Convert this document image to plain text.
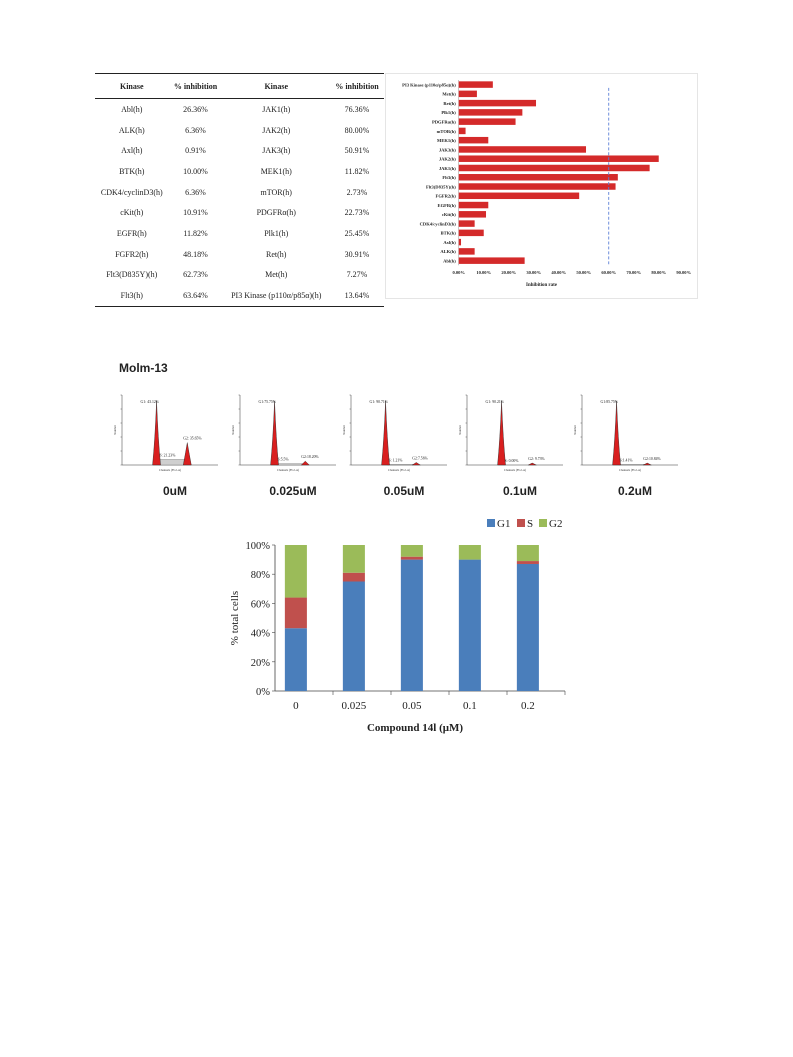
Kinase	% inhibition	Kinase	% inhibition
Abl(h)	26.36%	JAK1(h)	76.36%
ALK(h)	6.36%	JAK2(h)	80.00%
Axl(h)	0.91%	JAK3(h)	50.91%
BTK(h)	10.00%	MEK1(h)	11.82%
CDK4/cyclinD3(h)	6.36%	mTOR(h)	2.73%
cKit(h)	10.91%	PDGFRα(h)	22.73%
EGFR(h)	11.82%	Plk1(h)	25.45%
FGFR2(h)	48.18%	Ret(h)	30.91%
Flt3(D835Y)(h)	62.73%	Met(h)	7.27%
Flt3(h)	63.64%	PI3 Kinase (p110α/p85α)(h)	13.64%
PI3 Kinase (p110α/p85α)(h)
Met(h)
Ret(h)
Plk1(h)
PDGFRα(h)
mTOR(h)
MEK1(h)
JAK3(h)
JAK2(h)
JAK1(h)
Flt3(h)
Flt3(D835Y)(h)
FGFR2(h)
EGFR(h)
cKit(h)
CDK4/cyclinD3(h)
BTK(h)
Axl(h)
ALK(h)
Abl(h)
0.00% 10.00% 20.00% 30.00% 40.00% 50.00% 60.00% 70.00% 80.00% 90.00%
Inhibition rate
Molm-13
G1: 43.12%
G2: 35.65%
S: 21.23%
Number
Channels (FL2-A)
0uM
G1:75.75%
G2:18.20%
S:5.5%
Number
Channels (FL2-A)
0.025uM
G1: 90.71%
G2:7.56%
S: 1.21%
Number
Channels (FL2-A)
0.05uM
G1: 90.21%
G2: 9.73%
S: 0.00%
Number
Channels (FL2-A)
0.1uM
G1:85.75%
G2:10.84%
S:1.41%
Number
Channels (FL2-A)
0.2uM
0%
20%
40%
60%
80%
100%
0	0.025	0.05	0.1	0.2
% total cells
Compound 14l (μM)
G1 S G2
